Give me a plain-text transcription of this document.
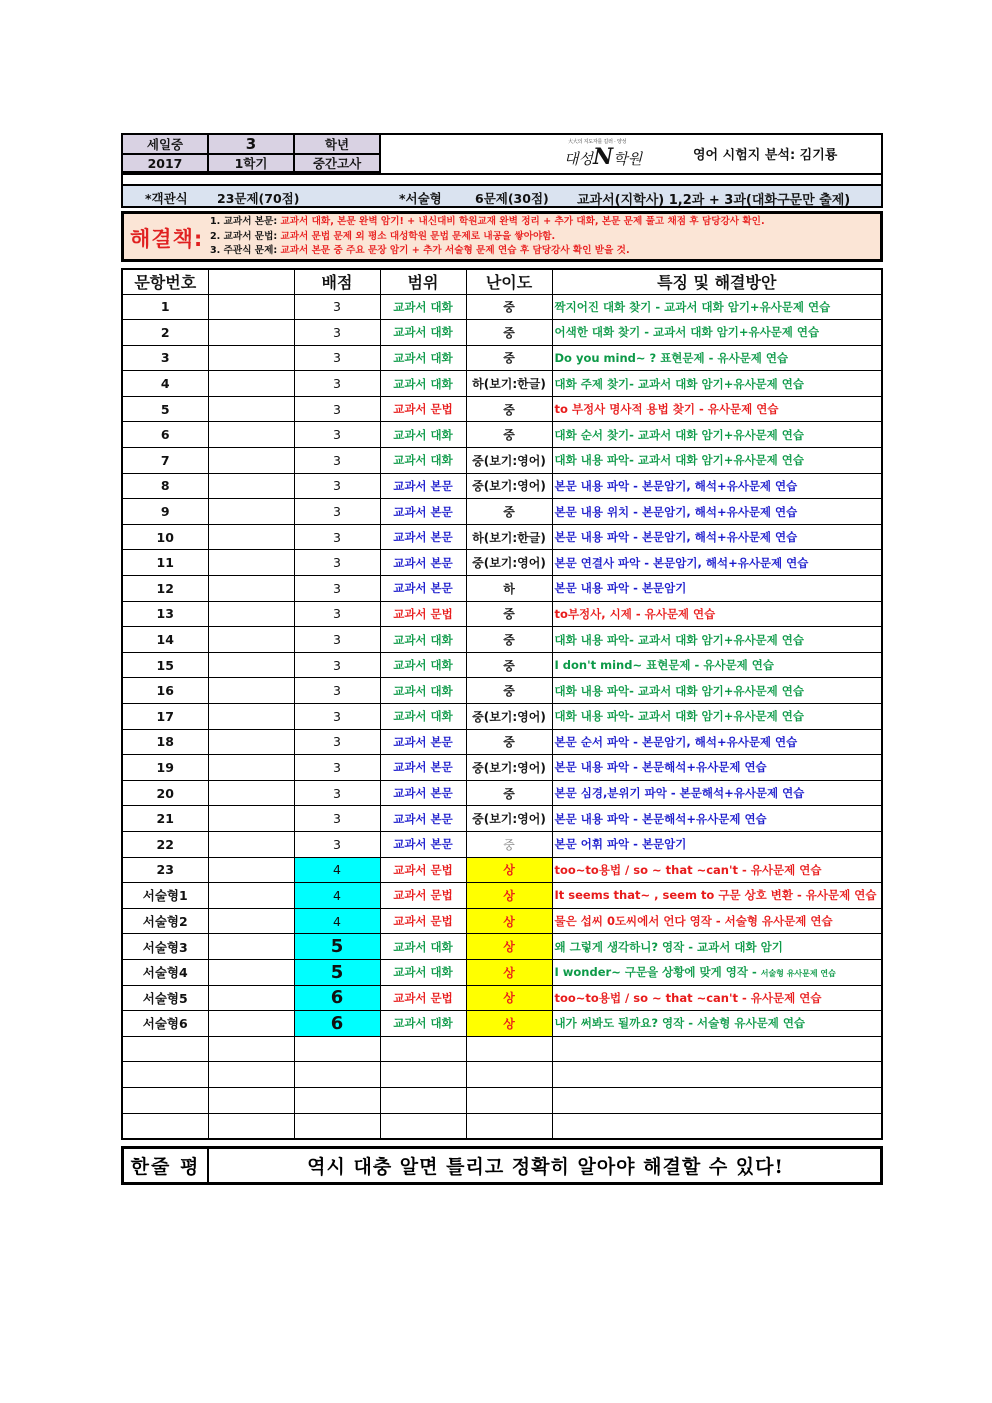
세일중	3	학년
2017	1학기	중간고사
大大의 지도자를 길러 · 양성
대성N학원	영어 시험지 분석: 김기룡
*객관식 23문제(70점)	*서술형	6문제(30점) 교과서(지학사) 1,2과 + 3과(대화구문만 출제)
해결책:
1. 교과서 본문: 교과서 대화, 본문 완벽 암기! + 내신대비 학원교재 완벽 정리 + 추가 대화, 본문 문제 풀고 채점 후 담당강사 확인.
2. 교과서 문법: 교과서 문법 문제 외 평소 대성학원 문법 문제로 내공을 쌓아야함.
3. 주관식 문제: 교과서 본문 중 주요 문장 암기 + 추가 서술형 문제 연습 후 담당강사 확인 받을 것.
문항번호		배점	범위	난이도	특징 및 해결방안
1		3	교과서 대화	중	짝지어진 대화 찾기 - 교과서 대화 암기+유사문제 연습
2		3	교과서 대화	중	어색한 대화 찾기 - 교과서 대화 암기+유사문제 연습
3		3	교과서 대화	중	Do you mind~ ? 표현문제 - 유사문제 연습
4		3	교과서 대화	하(보기:한글)	대화 주제 찾기- 교과서 대화 암기+유사문제 연습
5		3	교과서 문법	중	to 부정사 명사적 용법 찾기 - 유사문제 연습
6		3	교과서 대화	중	대화 순서 찾기- 교과서 대화 암기+유사문제 연습
7		3	교과서 대화	중(보기:영어)	대화 내용 파악- 교과서 대화 암기+유사문제 연습
8		3	교과서 본문	중(보기:영어)	본문 내용 파악 - 본문암기, 해석+유사문제 연습
9		3	교과서 본문	중	본문 내용 위치 - 본문암기, 해석+유사문제 연습
10		3	교과서 본문	하(보기:한글)	본문 내용 파악 - 본문암기, 해석+유사문제 연습
11		3	교과서 본문	중(보기:영어)	본문 연결사 파악 - 본문암기, 해석+유사문제 연습
12		3	교과서 본문	하	본문 내용 파악 - 본문암기
13		3	교과서 문법	중	to부정사, 시제 - 유사문제 연습
14		3	교과서 대화	중	대화 내용 파악- 교과서 대화 암기+유사문제 연습
15		3	교과서 대화	중	I don't mind~ 표현문제 - 유사문제 연습
16		3	교과서 대화	중	대화 내용 파악- 교과서 대화 암기+유사문제 연습
17		3	교과서 대화	중(보기:영어)	대화 내용 파악- 교과서 대화 암기+유사문제 연습
18		3	교과서 본문	중	본문 순서 파악 - 본문암기, 해석+유사문제 연습
19		3	교과서 본문	중(보기:영어)	본문 내용 파악 - 본문해석+유사문제 연습
20		3	교과서 본문	중	본문 심경,분위기 파악 - 본문해석+유사문제 연습
21		3	교과서 본문	중(보기:영어)	본문 내용 파악 - 본문해석+유사문제 연습
22		3	교과서 본문	중	본문 어휘 파악 - 본문암기
23		4	교과서 문법	상	too~to용법 / so ~ that ~can't - 유사문제 연습
서술형1		4	교과서 문법	상	It seems that~ , seem to 구문 상호 변환 - 유사문제 연습
서술형2		4	교과서 문법	상	물은 섭씨 0도씨에서 언다 영작 - 서술형 유사문제 연습
서술형3		5	교과서 대화	상	왜 그렇게 생각하니? 영작 - 교과서 대화 암기
서술형4		5	교과서 대화	상	I wonder~ 구문을 상황에 맞게 영작 - 서술형 유사문제 연습
서술형5		6	교과서 문법	상	too~to용법 / so ~ that ~can't - 유사문제 연습
서술형6		6	교과서 대화	상	내가 써봐도 될까요? 영작 - 서술형 유사문제 연습

한줄 평	역시 대충 알면 틀리고 정확히 알아야 해결할 수 있다!
